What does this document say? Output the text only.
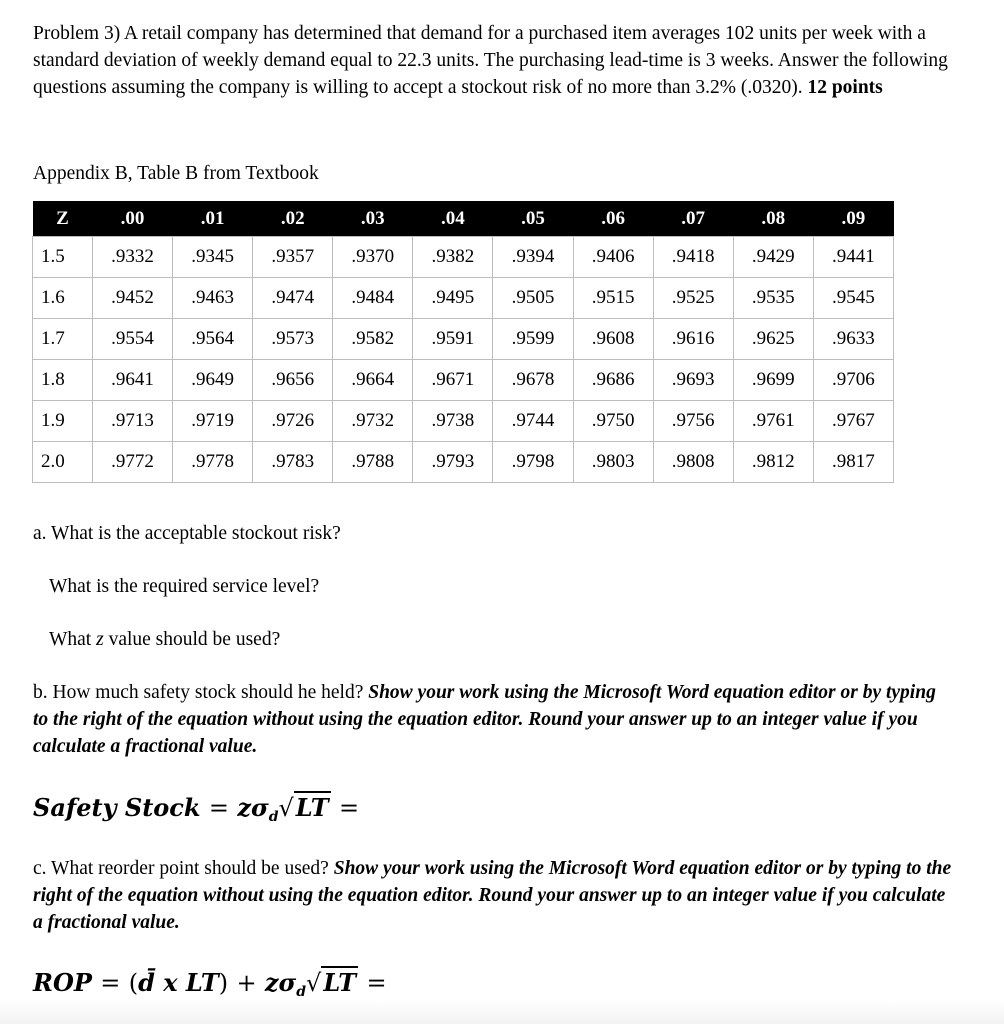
Problem 3) A retail company has determined that demand for a purchased item averages 102 units per week with a standard deviation of weekly demand equal to 22.3 units. The purchasing lead-time is 3 weeks. Answer the following questions assuming the company is willing to accept a stockout risk of no more than 3.2% (.0320). 12 points

Appendix B, Table B from Textbook

Z	.00	.01	.02	.03	.04	.05	.06	.07	.08	.09
1.5	.9332	.9345	.9357	.9370	.9382	.9394	.9406	.9418	.9429	.9441
1.6	.9452	.9463	.9474	.9484	.9495	.9505	.9515	.9525	.9535	.9545
1.7	.9554	.9564	.9573	.9582	.9591	.9599	.9608	.9616	.9625	.9633
1.8	.9641	.9649	.9656	.9664	.9671	.9678	.9686	.9693	.9699	.9706
1.9	.9713	.9719	.9726	.9732	.9738	.9744	.9750	.9756	.9761	.9767
2.0	.9772	.9778	.9783	.9788	.9793	.9798	.9803	.9808	.9812	.9817

a. What is the acceptable stockout risk?

What is the required service level?

What z value should be used?

b. How much safety stock should he held? Show your work using the Microsoft Word equation editor or by typing to the right of the equation without using the equation editor. Round your answer up to an integer value if you calculate a fractional value.

Safety Stock = $z\sigma_d√LT$ =

c. What reorder point should be used? Show your work using the Microsoft Word equation editor or by typing to the right of the equation without using the equation editor. Round your answer up to an integer value if you calculate a fractional value.

ROP = (d̄ x $LT) + z\sigma_d√LT$ =
